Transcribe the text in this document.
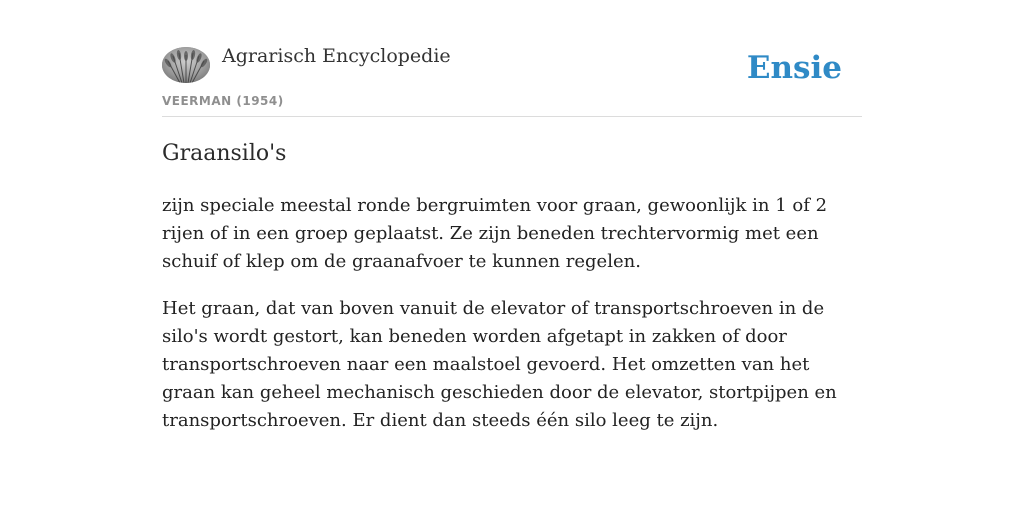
Agrarisch Encyclopedie
VEERMAN (1954)
Ensie
Graansilo's

zijn speciale meestal ronde bergruimten voor graan, gewoonlijk in 1 of 2 rijen of in een groep geplaatst. Ze zijn beneden trechtervormig met een schuif of klep om de graanafvoer te kunnen regelen.

Het graan, dat van boven vanuit de elevator of transportschroeven in de silo's wordt gestort, kan beneden worden afgetapt in zakken of door transportschroeven naar een maalstoel gevoerd. Het omzetten van het graan kan geheel mechanisch geschieden door de elevator, stortpijpen en transportschroeven. Er dient dan steeds één silo leeg te zijn.
